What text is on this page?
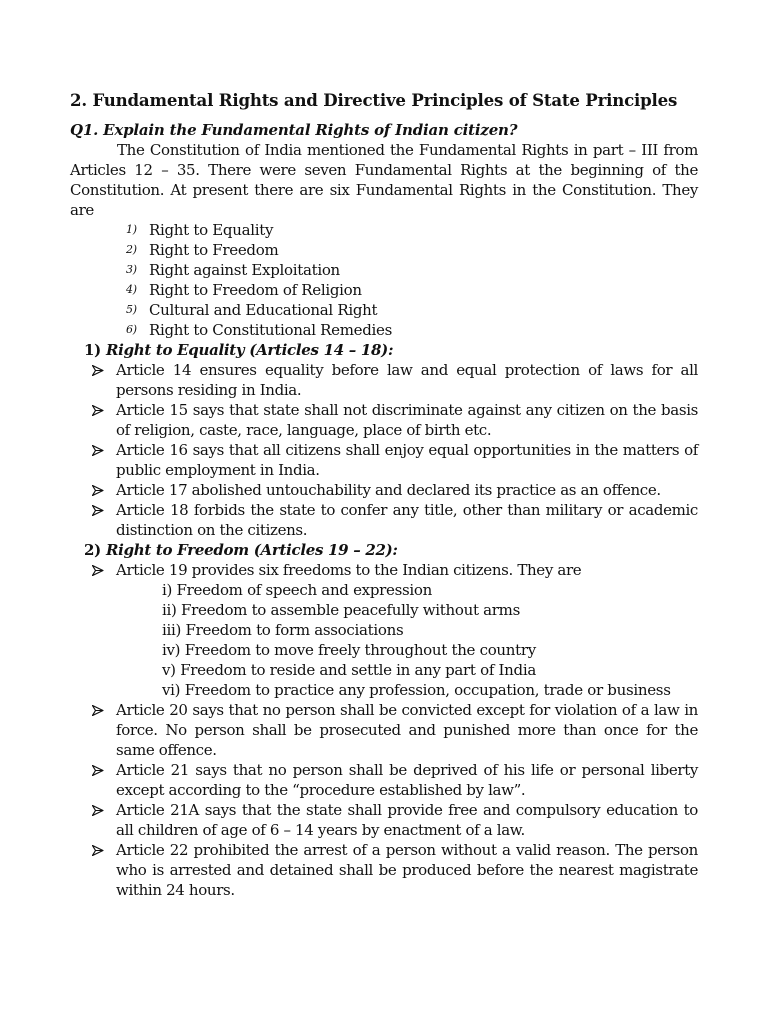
2. Fundamental Rights and Directive Principles of State Principles

Q1. Explain the Fundamental Rights of Indian citizen?

The Constitution of India mentioned the Fundamental Rights in part – III from Articles 12 – 35. There were seven Fundamental Rights at the beginning of the Constitution. At present there are six Fundamental Rights in the Constitution. They are

1) Right to Equality
2) Right to Freedom
3) Right against Exploitation
4) Right to Freedom of Religion
5) Cultural and Educational Right
6) Right to Constitutional Remedies

1) Right to Equality (Articles 14 – 18):

Article 14 ensures equality before law and equal protection of laws for all persons residing in India.
Article 15 says that state shall not discriminate against any citizen on the basis of religion, caste, race, language, place of birth etc.
Article 16 says that all citizens shall enjoy equal opportunities in the matters of public employment in India.
Article 17 abolished untouchability and declared its practice as an offence.
Article 18 forbids the state to confer any title, other than military or academic distinction on the citizens.

2) Right to Freedom (Articles 19 – 22):

Article 19 provides six freedoms to the Indian citizens. They are
i) Freedom of speech and expression
ii) Freedom to assemble peacefully without arms
iii) Freedom to form associations
iv) Freedom to move freely throughout the country
v) Freedom to reside and settle in any part of India
vi) Freedom to practice any profession, occupation, trade or business
Article 20 says that no person shall be convicted except for violation of a law in force. No person shall be prosecuted and punished more than once for the same offence.
Article 21 says that no person shall be deprived of his life or personal liberty except according to the “procedure established by law”.
Article 21A says that the state shall provide free and compulsory education to all children of age of 6 – 14 years by enactment of a law.
Article 22 prohibited the arrest of a person without a valid reason. The person who is arrested and detained shall be produced before the nearest magistrate within 24 hours.
